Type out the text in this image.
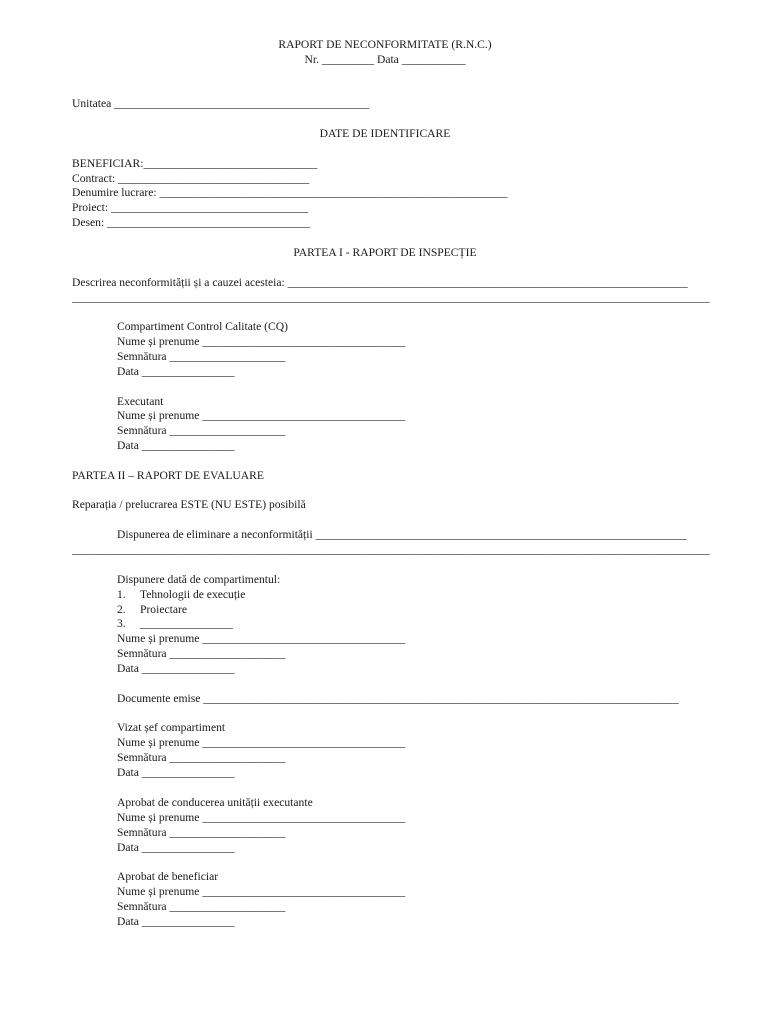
RAPORT DE NECONFORMITATE (R.N.C.)
Nr. _________ Data ___________
Unitatea ____________________________________________
DATE DE IDENTIFICARE
BENEFICIAR:______________________________
Contract: _________________________________
Denumire lucrare: ____________________________________________________________
Proiect: __________________________________
Desen: ___________________________________
PARTEA I - RAPORT DE INSPECȚIE
Descrirea neconformității și a cauzei acesteia: _____________________________________________________________________
______________________________________________________________________________________________________________
Compartiment Control Calitate (CQ)
Nume și prenume ___________________________________
Semnătura ____________________
Data ________________
Executant
Nume și prenume ___________________________________
Semnătura ____________________
Data ________________
PARTEA II – RAPORT DE EVALUARE
Reparația / prelucrarea ESTE (NU ESTE) posibilă
Dispunerea de eliminare a neconformității ________________________________________________________________
______________________________________________________________________________________________________________
Dispunere dată de compartimentul:
1. Tehnologii de execuție
2. Proiectare
3. ________________
Nume și prenume ___________________________________
Semnătura ____________________
Data ________________
Documente emise __________________________________________________________________________________
Vizat șef compartiment
Nume și prenume ___________________________________
Semnătura ____________________
Data ________________
Aprobat de conducerea unității executante
Nume și prenume ___________________________________
Semnătura ____________________
Data ________________
Aprobat de beneficiar
Nume și prenume ___________________________________
Semnătura ____________________
Data ________________
